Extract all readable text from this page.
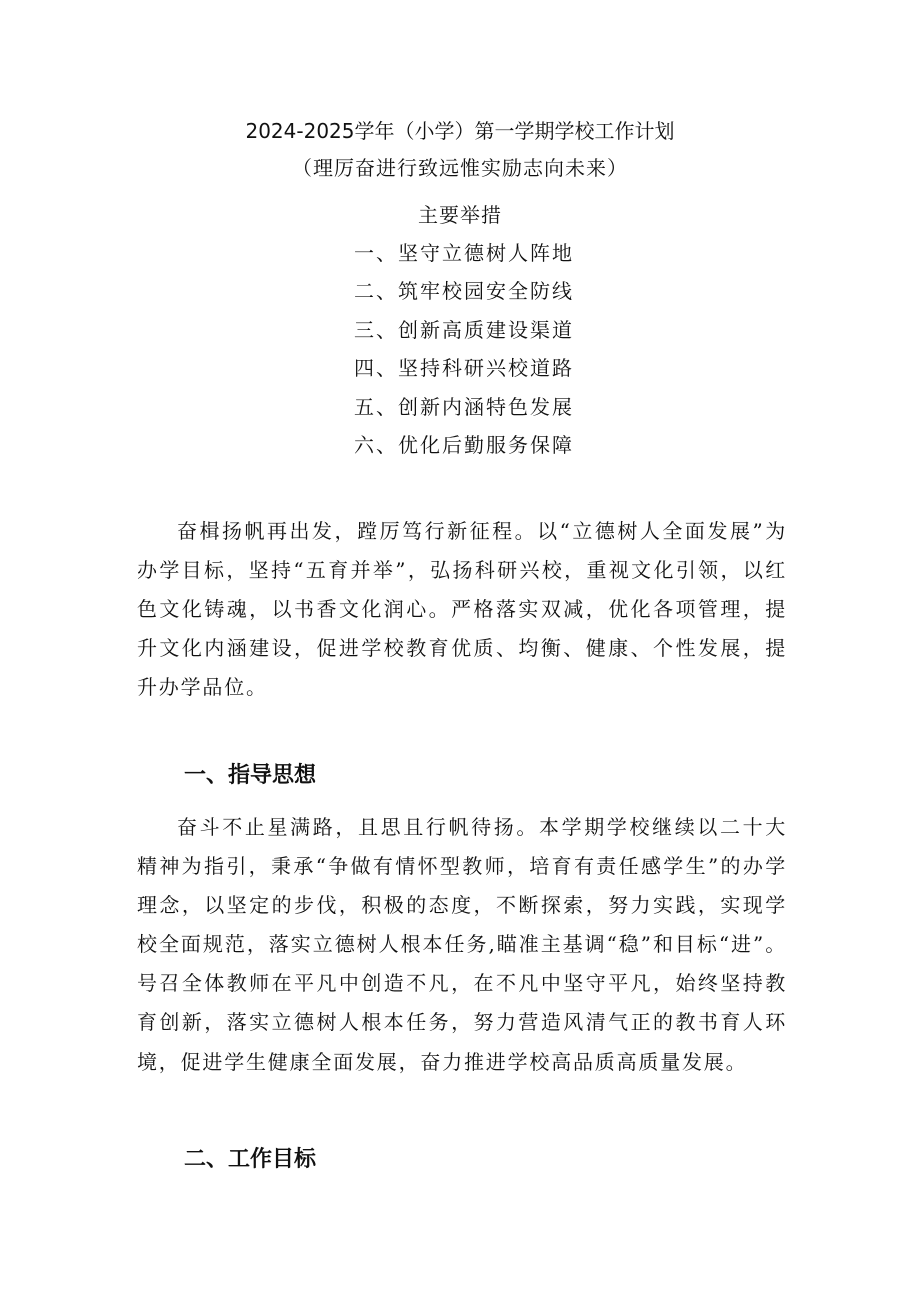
2024-2025学年（小学）第一学期学校工作计划
（理厉奋进行致远惟实励志向未来）
主要举措
一、坚守立德树人阵地
二、筑牢校园安全防线
三、创新高质建设渠道
四、坚持科研兴校道路
五、创新内涵特色发展
六、优化后勤服务保障

奋楫扬帆再出发，蹚厉笃行新征程。以“立德树人全面发展”为办学目标，坚持“五育并举”，弘扬科研兴校，重视文化引领，以红色文化铸魂，以书香文化润心。严格落实双减，优化各项管理，提升文化内涵建设，促进学校教育优质、均衡、健康、个性发展，提升办学品位。

一、指导思想

奋斗不止星满路，且思且行帆待扬。本学期学校继续以二十大精神为指引，秉承“争做有情怀型教师，培育有责任感学生”的办学理念，以坚定的步伐，积极的态度，不断探索，努力实践，实现学校全面规范，落实立德树人根本任务,瞄准主基调“稳”和目标“进”。号召全体教师在平凡中创造不凡，在不凡中坚守平凡，始终坚持教育创新，落实立德树人根本任务，努力营造风清气正的教书育人环境，促进学生健康全面发展，奋力推进学校高品质高质量发展。

二、工作目标
